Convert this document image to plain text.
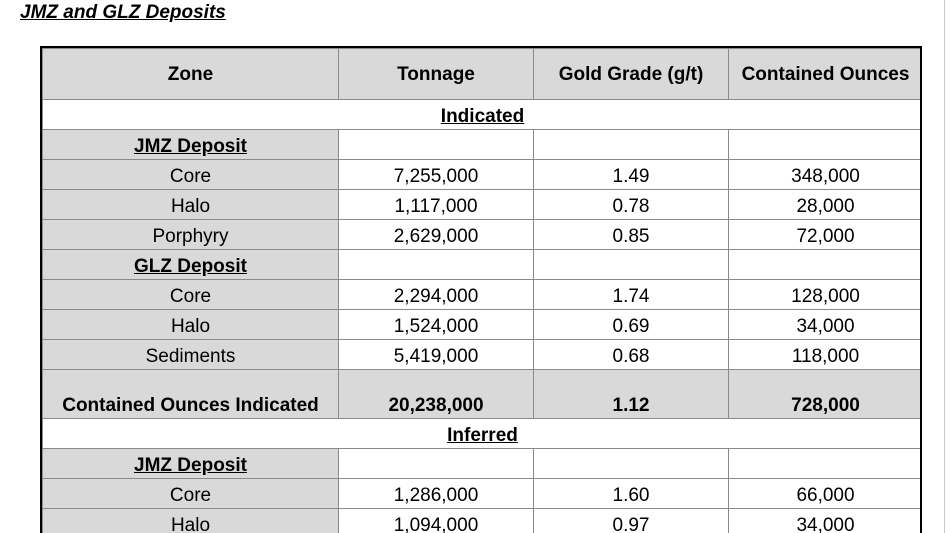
JMZ and GLZ Deposits
Zone	Tonnage	Gold Grade (g/t)	Contained Ounces
Indicated			
JMZ Deposit			
Core	7,255,000	1.49	348,000
Halo	1,117,000	0.78	28,000
Porphyry	2,629,000	0.85	72,000
GLZ Deposit			
Core	2,294,000	1.74	128,000
Halo	1,524,000	0.69	34,000
Sediments	5,419,000	0.68	118,000
Contained Ounces Indicated	20,238,000	1.12	728,000
Inferred			
JMZ Deposit			
Core	1,286,000	1.60	66,000
Halo	1,094,000	0.97	34,000
